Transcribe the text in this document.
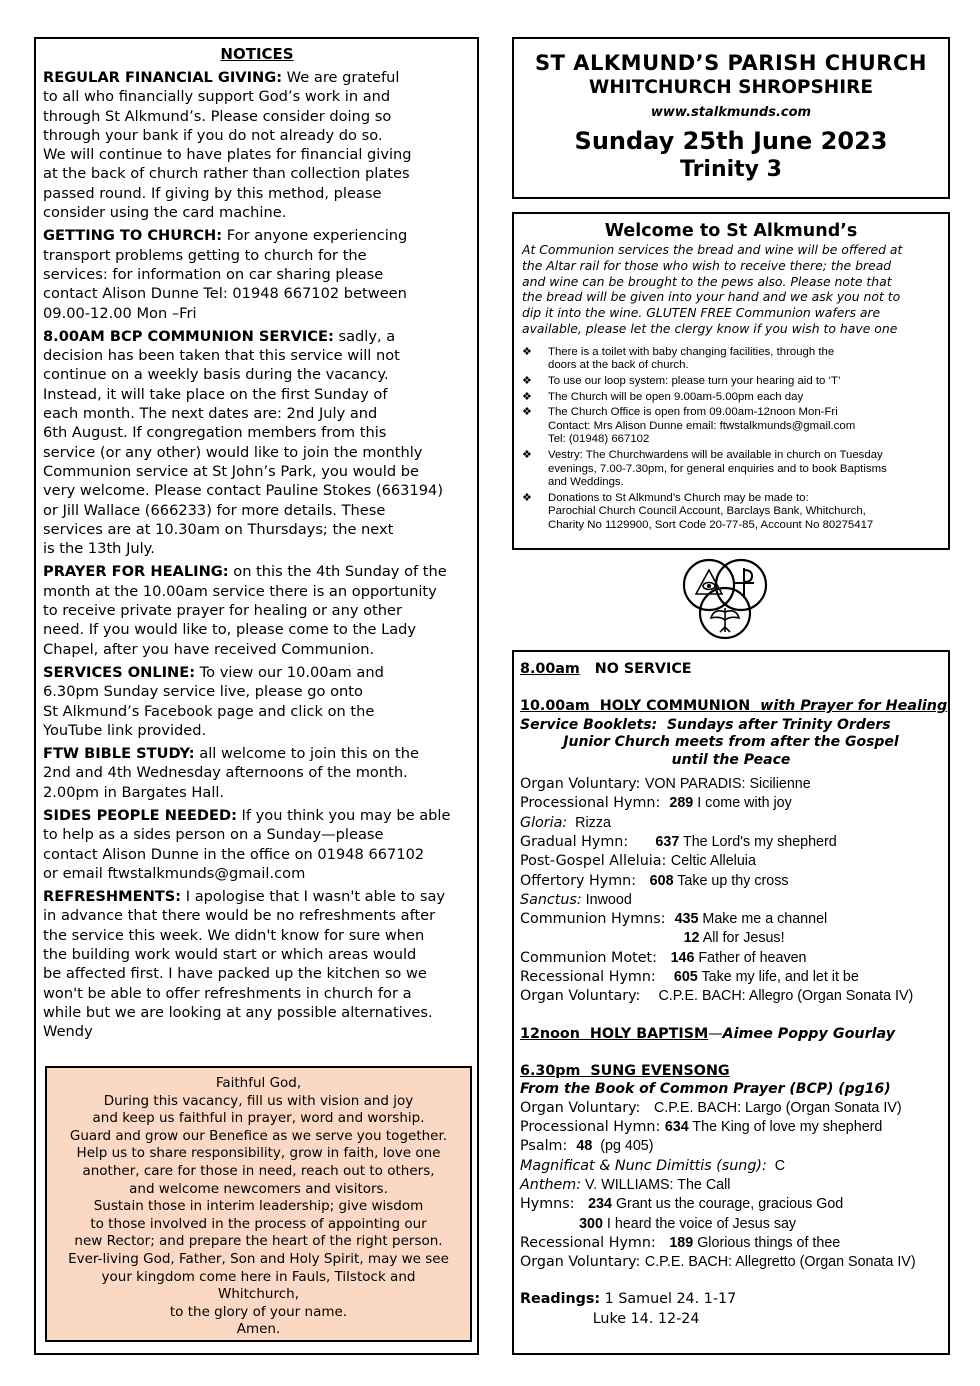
NOTICES
REGULAR FINANCIAL GIVING: We are grateful
to all who financially support God’s work in and
through St Alkmund’s. Please consider doing so
through your bank if you do not already do so.
We will continue to have plates for financial giving
at the back of church rather than collection plates
passed round. If giving by this method, please
consider using the card machine.
GETTING TO CHURCH: For anyone experiencing
transport problems getting to church for the
services: for information on car sharing please
contact Alison Dunne Tel: 01948 667102 between
09.00-12.00 Mon –Fri
8.00AM BCP COMMUNION SERVICE: sadly, a
decision has been taken that this service will not
continue on a weekly basis during the vacancy.
Instead, it will take place on the first Sunday of
each month. The next dates are: 2nd July and
6th August. If congregation members from this
service (or any other) would like to join the monthly
Communion service at St John’s Park, you would be
very welcome. Please contact Pauline Stokes (663194)
or Jill Wallace (666233) for more details. These
services are at 10.30am on Thursdays; the next
is the 13th July.
PRAYER FOR HEALING: on this the 4th Sunday of the
month at the 10.00am service there is an opportunity
to receive private prayer for healing or any other
need. If you would like to, please come to the Lady
Chapel, after you have received Communion.
SERVICES ONLINE: To view our 10.00am and
6.30pm Sunday service live, please go onto
St Alkmund’s Facebook page and click on the
YouTube link provided.
FTW BIBLE STUDY: all welcome to join this on the
2nd and 4th Wednesday afternoons of the month.
2.00pm in Bargates Hall.
SIDES PEOPLE NEEDED: If you think you may be able
to help as a sides person on a Sunday—please
contact Alison Dunne in the office on 01948 667102
or email ftwstalkmunds@gmail.com
REFRESHMENTS: I apologise that I wasn't able to say
in advance that there would be no refreshments after
the service this week. We didn't know for sure when
the building work would start or which areas would
be affected first. I have packed up the kitchen so we
won't be able to offer refreshments in church for a
while but we are looking at any possible alternatives.
Wendy
Faithful God,
During this vacancy, fill us with vision and joy
and keep us faithful in prayer, word and worship.
Guard and grow our Benefice as we serve you together.
Help us to share responsibility, grow in faith, love one
another, care for those in need, reach out to others,
and welcome newcomers and visitors.
Sustain those in interim leadership; give wisdom
to those involved in the process of appointing our
new Rector; and prepare the heart of the right person.
Ever-living God, Father, Son and Holy Spirit, may we see
your kingdom come here in Fauls, Tilstock and
Whitchurch,
to the glory of your name.
Amen.
ST ALKMUND’S PARISH CHURCH
WHITCHURCH SHROPSHIRE
www.stalkmunds.com
Sunday 25th June 2023
Trinity 3
Welcome to St Alkmund’s
At Communion services the bread and wine will be offered at
the Altar rail for those who wish to receive there; the bread
and wine can be brought to the pews also. Please note that
the bread will be given into your hand and we ask you not to
dip it into the wine. GLUTEN FREE Communion wafers are
available, please let the clergy know if you wish to have one
❖	There is a toilet with baby changing facilities, through the
doors at the back of church.
❖	To use our loop system: please turn your hearing aid to ‘T’
❖	The Church will be open 9.00am-5.00pm each day
❖	The Church Office is open from 09.00am-12noon Mon-Fri
Contact: Mrs Alison Dunne email: ftwstalkmunds@gmail.com
Tel: (01948) 667102
❖	Vestry: The Churchwardens will be available in church on Tuesday
evenings, 7.00-7.30pm, for general enquiries and to book Baptisms
and Weddings.
❖	Donations to St Alkmund’s Church may be made to:
Parochial Church Council Account, Barclays Bank, Whitchurch,
Charity No 1129900, Sort Code 20-77-85, Account No 80275417
8.00am   NO SERVICE
10.00am  HOLY COMMUNION  with Prayer for Healing
Service Booklets:  Sundays after Trinity Orders
Junior Church meets from after the Gospel
until the Peace
Organ Voluntary: VON PARADIS: Sicilienne
Processional Hymn:  289 I come with joy
Gloria:  Rizza
Gradual Hymn:      637 The Lord's my shepherd
Post-Gospel Alleluia: Celtic Alleluia
Offertory Hymn:   608 Take up thy cross
Sanctus: Inwood
Communion Hymns:  435 Make me a channel
12 All for Jesus!
Communion Motet:   146 Father of heaven
Recessional Hymn:    605 Take my life, and let it be
Organ Voluntary:    C.P.E. BACH: Allegro (Organ Sonata IV)
12noon  HOLY BAPTISM—Aimee Poppy Gourlay
6.30pm  SUNG EVENSONG
From the Book of Common Prayer (BCP) (pg16)
Organ Voluntary:   C.P.E. BACH: Largo (Organ Sonata IV)
Processional Hymn: 634 The King of love my shepherd
Psalm:  48  (pg 405)
Magnificat & Nunc Dimittis (sung):  C
Anthem: V. WILLIAMS: The Call
Hymns:   234 Grant us the courage, gracious God
300 I heard the voice of Jesus say
Recessional Hymn:   189 Glorious things of thee
Organ Voluntary: C.P.E. BACH: Allegretto (Organ Sonata IV)
Readings: 1 Samuel 24. 1-17
Luke 14. 12-24
